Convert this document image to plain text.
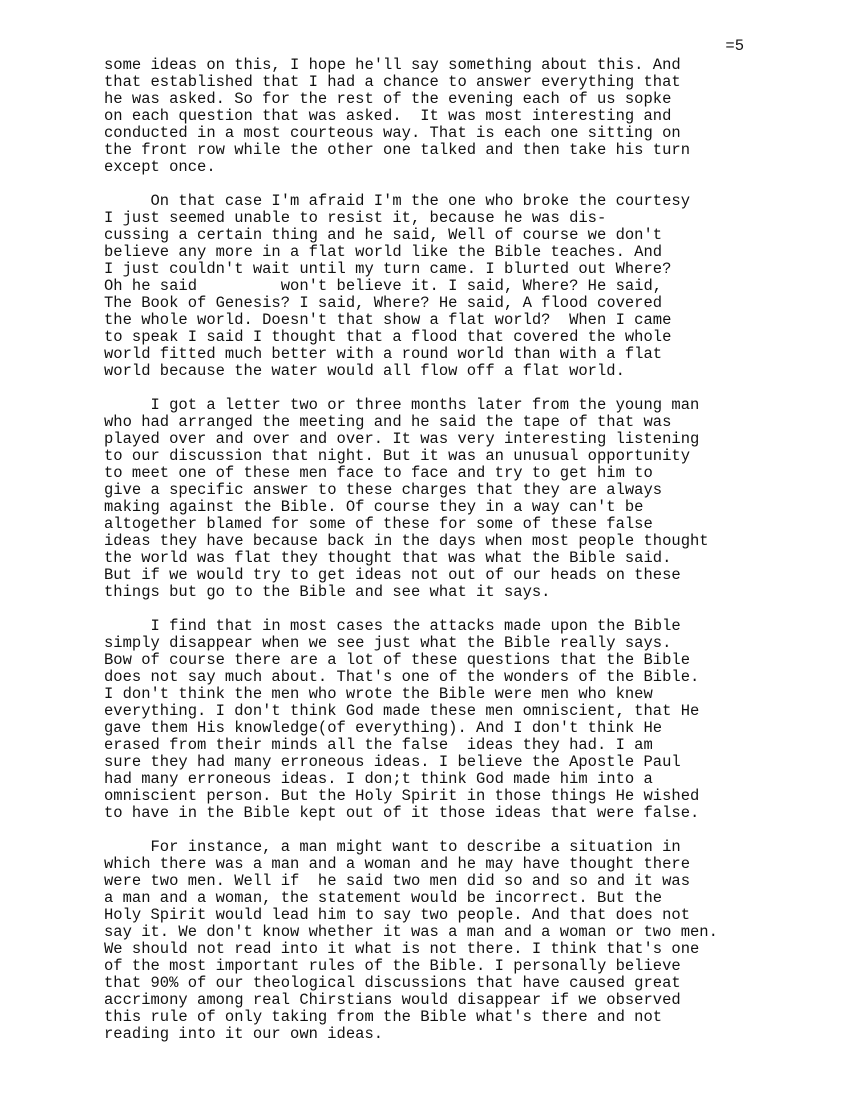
=5
some ideas on this, I hope he'll say something about this. And
that established that I had a chance to answer everything that
he was asked. So for the rest of the evening each of us sopke
on each question that was asked.  It was most interesting and
conducted in a most courteous way. That is each one sitting on
the front row while the other one talked and then take his turn
except once.
On that case I'm afraid I'm the one who broke the courtesy
I just seemed unable to resist it, because he was dis-
cussing a certain thing and he said, Well of course we don't
believe any more in a flat world like the Bible teaches. And
I just couldn't wait until my turn came. I blurted out Where?
Oh he said         won't believe it. I said, Where? He said,
The Book of Genesis? I said, Where? He said, A flood covered
the whole world. Doesn't that show a flat world?  When I came
to speak I said I thought that a flood that covered the whole
world fitted much better with a round world than with a flat
world because the water would all flow off a flat world.
I got a letter two or three months later from the young man
who had arranged the meeting and he said the tape of that was
played over and over and over. It was very interesting listening
to our discussion that night. But it was an unusual opportunity
to meet one of these men face to face and try to get him to
give a specific answer to these charges that they are always
making against the Bible. Of course they in a way can't be
altogether blamed for some of these for some of these false
ideas they have because back in the days when most people thought
the world was flat they thought that was what the Bible said.
But if we would try to get ideas not out of our heads on these
things but go to the Bible and see what it says.
I find that in most cases the attacks made upon the Bible
simply disappear when we see just what the Bible really says.
Bow of course there are a lot of these questions that the Bible
does not say much about. That's one of the wonders of the Bible.
I don't think the men who wrote the Bible were men who knew
everything. I don't think God made these men omniscient, that He
gave them His knowledge(of everything). And I don't think He
erased from their minds all the false  ideas they had. I am
sure they had many erroneous ideas. I believe the Apostle Paul
had many erroneous ideas. I don;t think God made him into a
omniscient person. But the Holy Spirit in those things He wished
to have in the Bible kept out of it those ideas that were false.
For instance, a man might want to describe a situation in
which there was a man and a woman and he may have thought there
were two men. Well if  he said two men did so and so and it was
a man and a woman, the statement would be incorrect. But the
Holy Spirit would lead him to say two people. And that does not
say it. We don't know whether it was a man and a woman or two men.
We should not read into it what is not there. I think that's one
of the most important rules of the Bible. I personally believe
that 90% of our theological discussions that have caused great
accrimony among real Chirstians would disappear if we observed
this rule of only taking from the Bible what's there and not
reading into it our own ideas.
